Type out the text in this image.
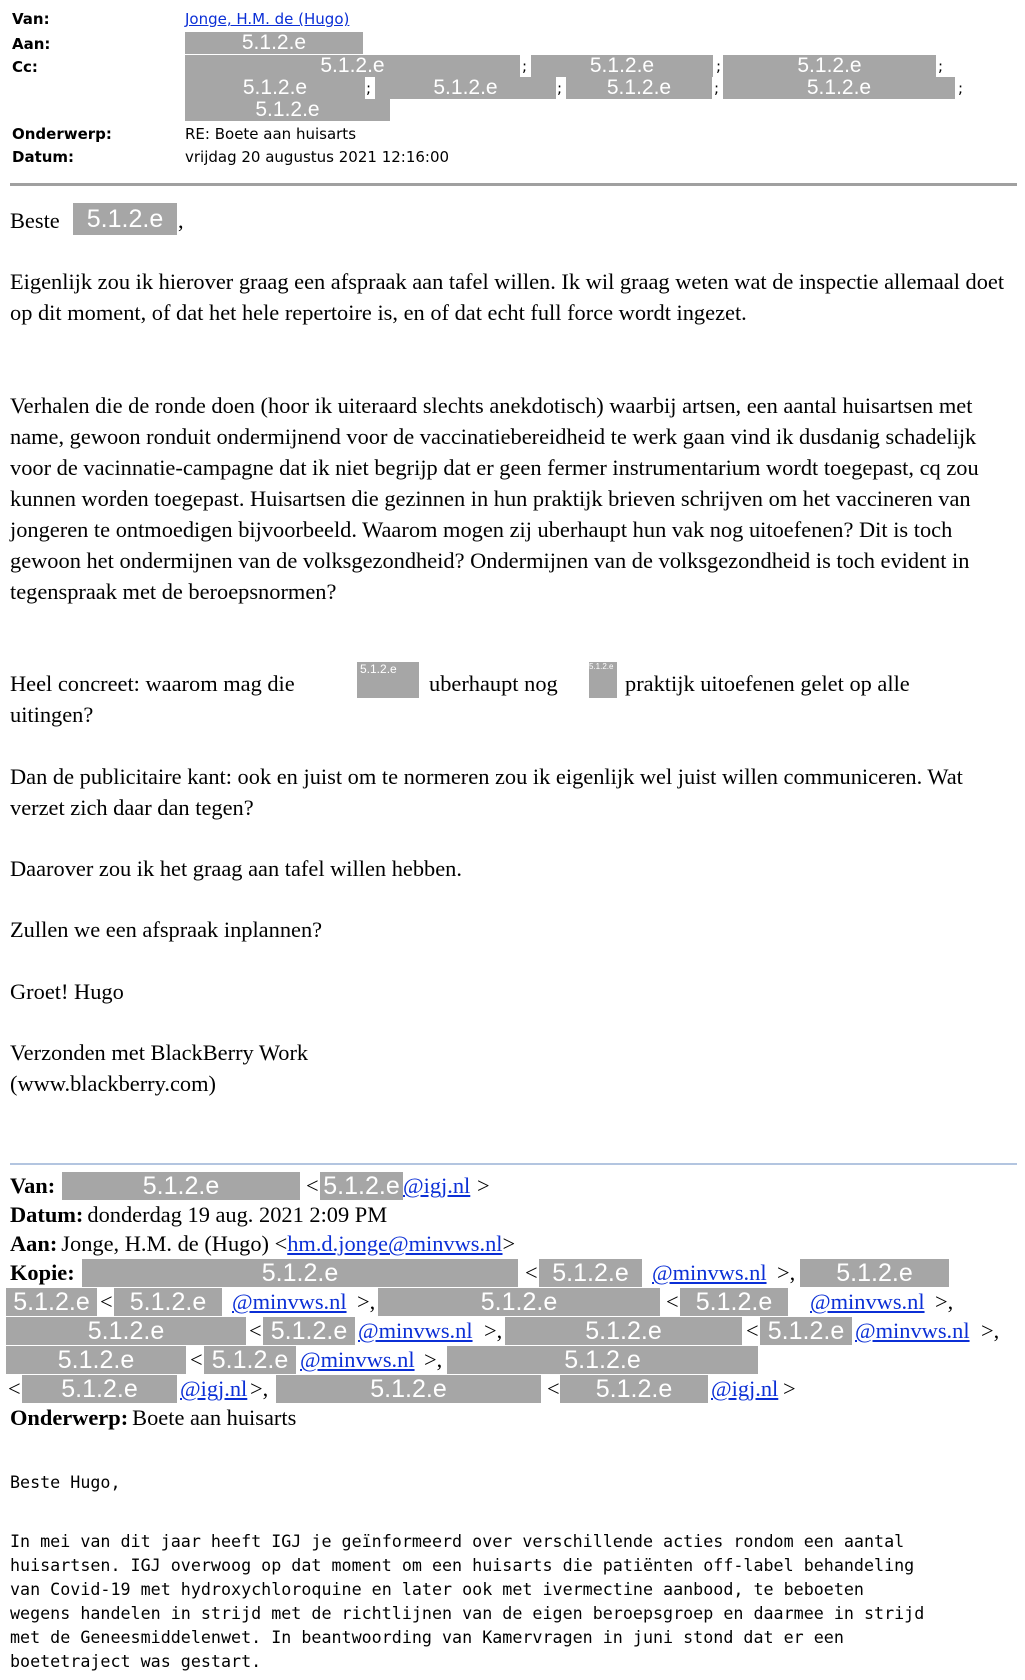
Van:	Jonge, H.M. de (Hugo)
Aan:	5.1.2.e
Cc:	5.1.2.e	;	5.1.2.e	;	5.1.2.e	;
5.1.2.e	;	5.1.2.e	;	5.1.2.e	;	5.1.2.e	;
5.1.2.e
Onderwerp:	RE: Boete aan huisarts
Datum:	vrijdag 20 augustus 2021 12:16:00
Beste	5.1.2.e ,

Eigenlijk zou ik hierover graag een afspraak aan tafel willen. Ik wil graag weten wat de inspectie allemaal doet op dit moment, of dat het hele repertoire is, en of dat echt full force wordt ingezet.

Verhalen die de ronde doen (hoor ik uiteraard slechts anekdotisch) waarbij artsen, een aantal huisartsen met name, gewoon ronduit ondermijnend voor de vaccinatiebereidheid te werk gaan vind ik dusdanig schadelijk voor de vacinnatie-campagne dat ik niet begrijp dat er geen fermer instrumentarium wordt toegepast, cq zou kunnen worden toegepast. Huisartsen die gezinnen in hun praktijk brieven schrijven om het vaccineren van jongeren te ontmoedigen bijvoorbeeld. Waarom mogen zij uberhaupt hun vak nog uitoefenen? Dit is toch gewoon het ondermijnen van de volksgezondheid? Ondermijnen van de volksgezondheid is toch evident in tegenspraak met de beroepsnormen?

Heel concreet: waarom mag die
5.1.2.e
uberhaupt nog
5.1.2.e
praktijk uitoefenen gelet op alle
uitingen?

Dan de publicitaire kant: ook en juist om te normeren zou ik eigenlijk wel juist willen communiceren. Wat verzet zich daar dan tegen?

Daarover zou ik het graag aan tafel willen hebben.

Zullen we een afspraak inplannen?

Groet! Hugo

Verzonden met BlackBerry Work

(www.blackberry.com)

Van:	5.1.2.e	< 5.1.2.e @igj.nl >
Datum: donderdag 19 aug. 2021 2:09 PM
Aan: Jonge, H.M. de (Hugo) <hm.d.jonge@minvws.nl>
Kopie:	5.1.2.e	< 5.1.2.e	@minvws.nl >,	5.1.2.e
5.1.2.e < 5.1.2.e	@minvws.nl >,	5.1.2.e	< 5.1.2.e	@minvws.nl >,
5.1.2.e	< 5.1.2.e @minvws.nl >,	5.1.2.e	< 5.1.2.e @minvws.nl >,
5.1.2.e	< 5.1.2.e @minvws.nl >,	5.1.2.e
<	5.1.2.e	@igj.nl >,	5.1.2.e	<	5.1.2.e	@igj.nl >
Onderwerp: Boete aan huisarts
Beste Hugo,
In mei van dit jaar heeft IGJ je geïnformeerd over verschillende acties rondom een aantal
huisartsen. IGJ overwoog op dat moment om een huisarts die patiënten off-label behandeling
van Covid-19 met hydroxychloroquine en later ook met ivermectine aanbood, te beboeten
wegens handelen in strijd met de richtlijnen van de eigen beroepsgroep en daarmee in strijd
met de Geneesmiddelenwet. In beantwoording van Kamervragen in juni stond dat er een
boetetraject was gestart.
